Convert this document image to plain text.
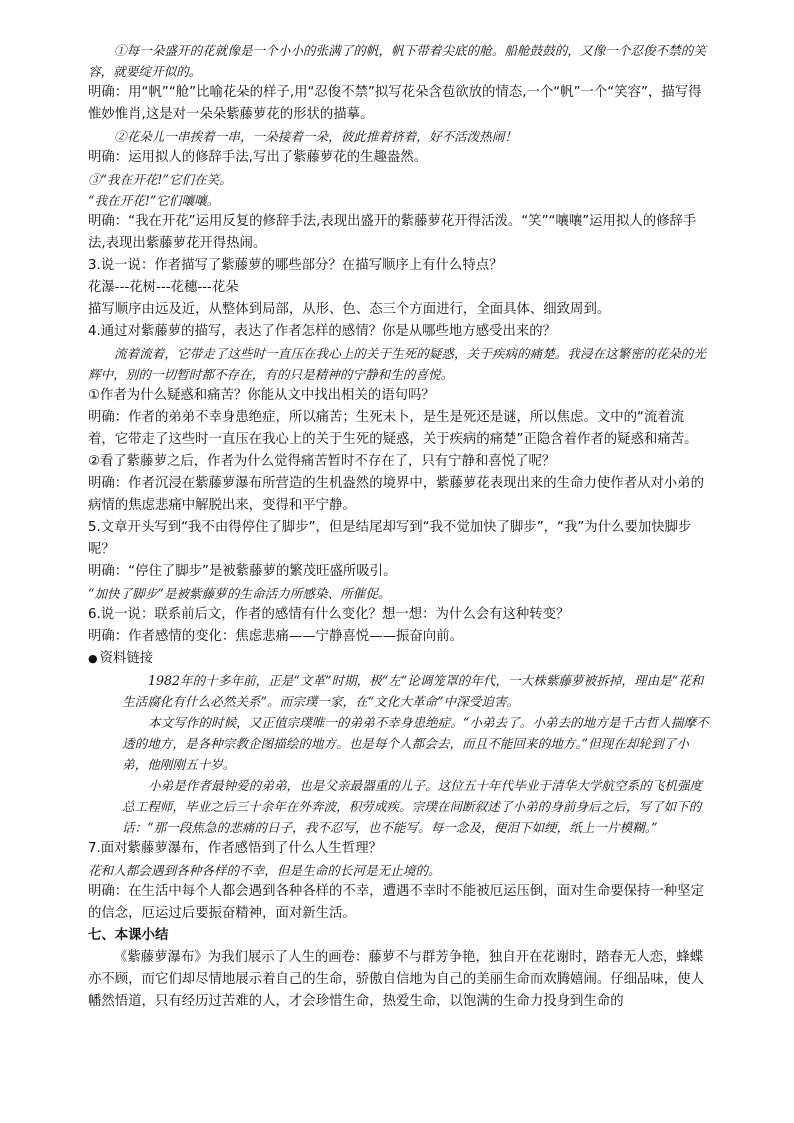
①每一朵盛开的花就像是一个小小的张满了的帆，帆下带着尖底的舱。船舱鼓鼓的，又像一个忍俊不禁的笑容，就要绽开似的。

明确：用“帆”“舱”比喻花朵的样子,用“忍俊不禁”拟写花朵含苞欲放的情态,一个“帆”一个“笑容”，描写得惟妙惟肖,这是对一朵朵紫藤萝花的形状的描摹。

②花朵儿一串挨着一串，一朵接着一朵，彼此推着挤着，好不活泼热闹！

明确：运用拟人的修辞手法,写出了紫藤萝花的生趣盎然。

③“我在开花!”它们在笑。

“我在开花!”它们嚷嚷。

明确：“我在开花”运用反复的修辞手法,表现出盛开的紫藤萝花开得活泼。“笑”“嚷嚷”运用拟人的修辞手法,表现出紫藤萝花开得热闹。

3.说一说：作者描写了紫藤萝的哪些部分？在描写顺序上有什么特点？

花瀑---花树---花穗---花朵

描写顺序由远及近，从整体到局部，从形、色、态三个方面进行，全面具体、细致周到。

4.通过对紫藤萝的描写，表达了作者怎样的感情？你是从哪些地方感受出来的？

流着流着，它带走了这些时一直压在我心上的关于生死的疑惑，关于疾病的痛楚。我浸在这繁密的花朵的光辉中，别的一切暂时都不存在，有的只是精神的宁静和生的喜悦。

①作者为什么疑惑和痛苦？你能从文中找出相关的语句吗？

明确：作者的弟弟不幸身患绝症，所以痛苦；生死未卜，是生是死还是谜，所以焦虑。文中的“流着流着，它带走了这些时一直压在我心上的关于生死的疑惑，关于疾病的痛楚”正隐含着作者的疑惑和痛苦。

②看了紫藤萝之后，作者为什么觉得痛苦暂时不存在了，只有宁静和喜悦了呢？

明确：作者沉浸在紫藤萝瀑布所营造的生机盎然的境界中，紫藤萝花表现出来的生命力使作者从对小弟的病情的焦虑悲痛中解脱出来，变得和平宁静。

5.文章开头写到“我不由得停住了脚步”，但是结尾却写到“我不觉加快了脚步”，“我”为什么要加快脚步呢？

明确：“停住了脚步”是被紫藤萝的繁茂旺盛所吸引。

“加快了脚步”是被紫藤萝的生命活力所感染、所催促。

6.说一说：联系前后文，作者的感情有什么变化？想一想：为什么会有这种转变？

明确：作者感情的变化：焦虑悲痛——宁静喜悦——振奋向前。

● 资料链接

1982年的十多年前，正是“文革”时期，极“左”论调笼罩的年代，一大株紫藤萝被拆掉，理由是“花和生活腐化有什么必然关系”。而宗璞一家，在“文化大革命”中深受迫害。

本文写作的时候，又正值宗璞唯一的弟弟不幸身患绝症。“小弟去了。小弟去的地方是千古哲人揣摩不透的地方，是各种宗教企图描绘的地方。也是每个人都会去，而且不能回来的地方。”但现在却轮到了小弟，他刚刚五十岁。

小弟是作者最钟爱的弟弟，也是父亲最器重的儿子。这位五十年代毕业于清华大学航空系的飞机强度总工程师，毕业之后三十余年在外奔波，积劳成疾。宗璞在间断叙述了小弟的身前身后之后，写了如下的话：“那一段焦急的悲痛的日子，我不忍写，也不能写。每一念及，便泪下如绠，纸上一片模糊。”

7.面对紫藤萝瀑布，作者感悟到了什么人生哲理？

花和人都会遇到各种各样的不幸，但是生命的长河是无止境的。

明确：在生活中每个人都会遇到各种各样的不幸，遭遇不幸时不能被厄运压倒，面对生命要保持一种坚定的信念，厄运过后要振奋精神，面对新生活。

七、本课小结

《紫藤萝瀑布》为我们展示了人生的画卷：藤萝不与群芳争艳，独自开在花谢时，踏春无人恋，蜂蝶亦不顾，而它们却尽情地展示着自己的生命，骄傲自信地为自己的美丽生命而欢腾嬉闹。仔细品味，使人幡然悟道，只有经历过苦难的人，才会珍惜生命，热爱生命，以饱满的生命力投身到生命的
